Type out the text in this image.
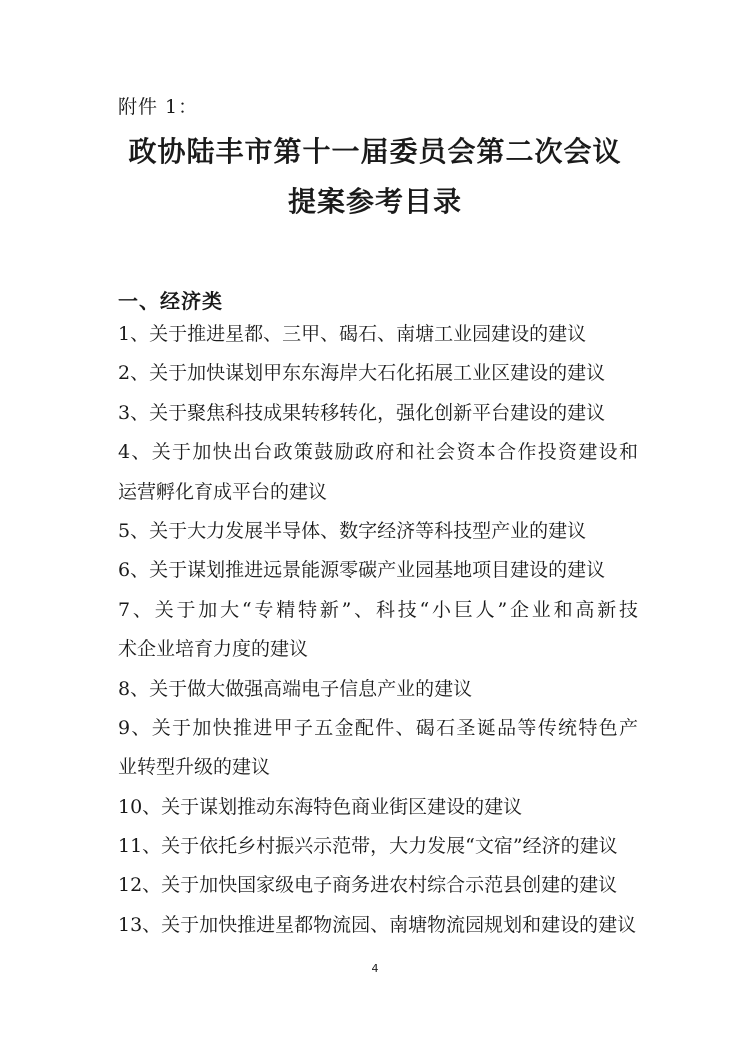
附件 1：
政协陆丰市第十一届委员会第二次会议
提案参考目录
一、经济类
1、关于推进星都、三甲、碣石、南塘工业园建设的建议
2、关于加快谋划甲东东海岸大石化拓展工业区建设的建议
3、关于聚焦科技成果转移转化，强化创新平台建设的建议
4、关于加快出台政策鼓励政府和社会资本合作投资建设和
运营孵化育成平台的建议
5、关于大力发展半导体、数字经济等科技型产业的建议
6、关于谋划推进远景能源零碳产业园基地项目建设的建议
7、关于加大“专精特新”、科技“小巨人”企业和高新技
术企业培育力度的建议
8、关于做大做强高端电子信息产业的建议
9、关于加快推进甲子五金配件、碣石圣诞品等传统特色产
业转型升级的建议
10、关于谋划推动东海特色商业街区建设的建议
11、关于依托乡村振兴示范带，大力发展“文宿”经济的建议
12、关于加快国家级电子商务进农村综合示范县创建的建议
13、关于加快推进星都物流园、南塘物流园规划和建设的建议
4
